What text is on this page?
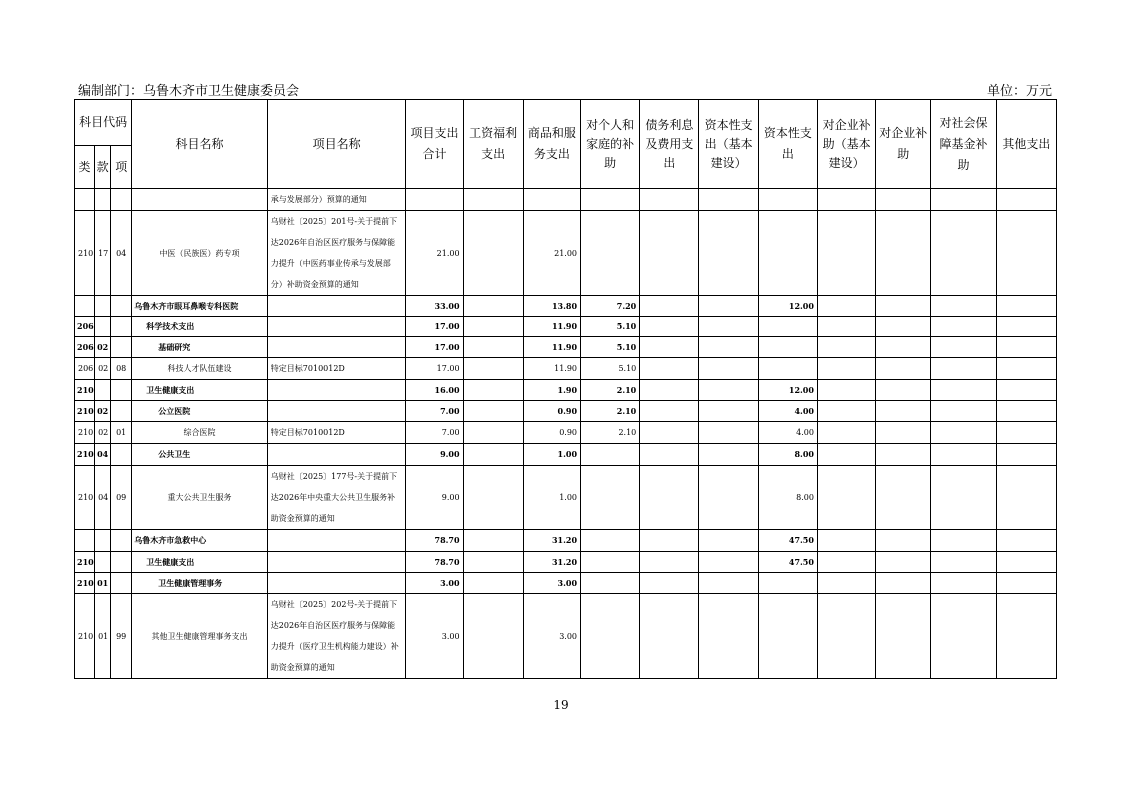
编制部门：乌鲁木齐市卫生健康委员会	单位：万元
科目代码			科目名称	项目名称	项目支出合计	工资福利支出	商品和服务支出	对个人和家庭的补助	债务利息及费用支出	资本性支出（基本建设）	资本性支出	对企业补助（基本建设）	对企业补助	对社会保障基金补助	其他支出
类	款	项													
				承与发展部分）预算的通知											
210	17	04	中医（民族医）药专项	乌财社〔2025〕201号-关于提前下达2026年自治区医疗服务与保障能力提升（中医药事业传承与发展部分）补助资金预算的通知	21.00		21.00								
			乌鲁木齐市眼耳鼻喉专科医院		33.00		13.80	7.20			12.00				
206			科学技术支出		17.00		11.90	5.10							
206	02		基础研究		17.00		11.90	5.10							
206	02	08	科技人才队伍建设	特定目标7010012D	17.00		11.90	5.10							
210			卫生健康支出		16.00		1.90	2.10			12.00				
210	02		公立医院		7.00		0.90	2.10			4.00				
210	02	01	综合医院	特定目标7010012D	7.00		0.90	2.10			4.00				
210	04		公共卫生		9.00		1.00				8.00				
210	04	09	重大公共卫生服务	乌财社〔2025〕177号-关于提前下达2026年中央重大公共卫生服务补助资金预算的通知	9.00		1.00				8.00				
			乌鲁木齐市急救中心		78.70		31.20				47.50				
210			卫生健康支出		78.70		31.20				47.50				
210	01		卫生健康管理事务		3.00		3.00								
210	01	99	其他卫生健康管理事务支出	乌财社〔2025〕202号-关于提前下达2026年自治区医疗服务与保障能力提升（医疗卫生机构能力建设）补助资金预算的通知	3.00		3.00								
19
